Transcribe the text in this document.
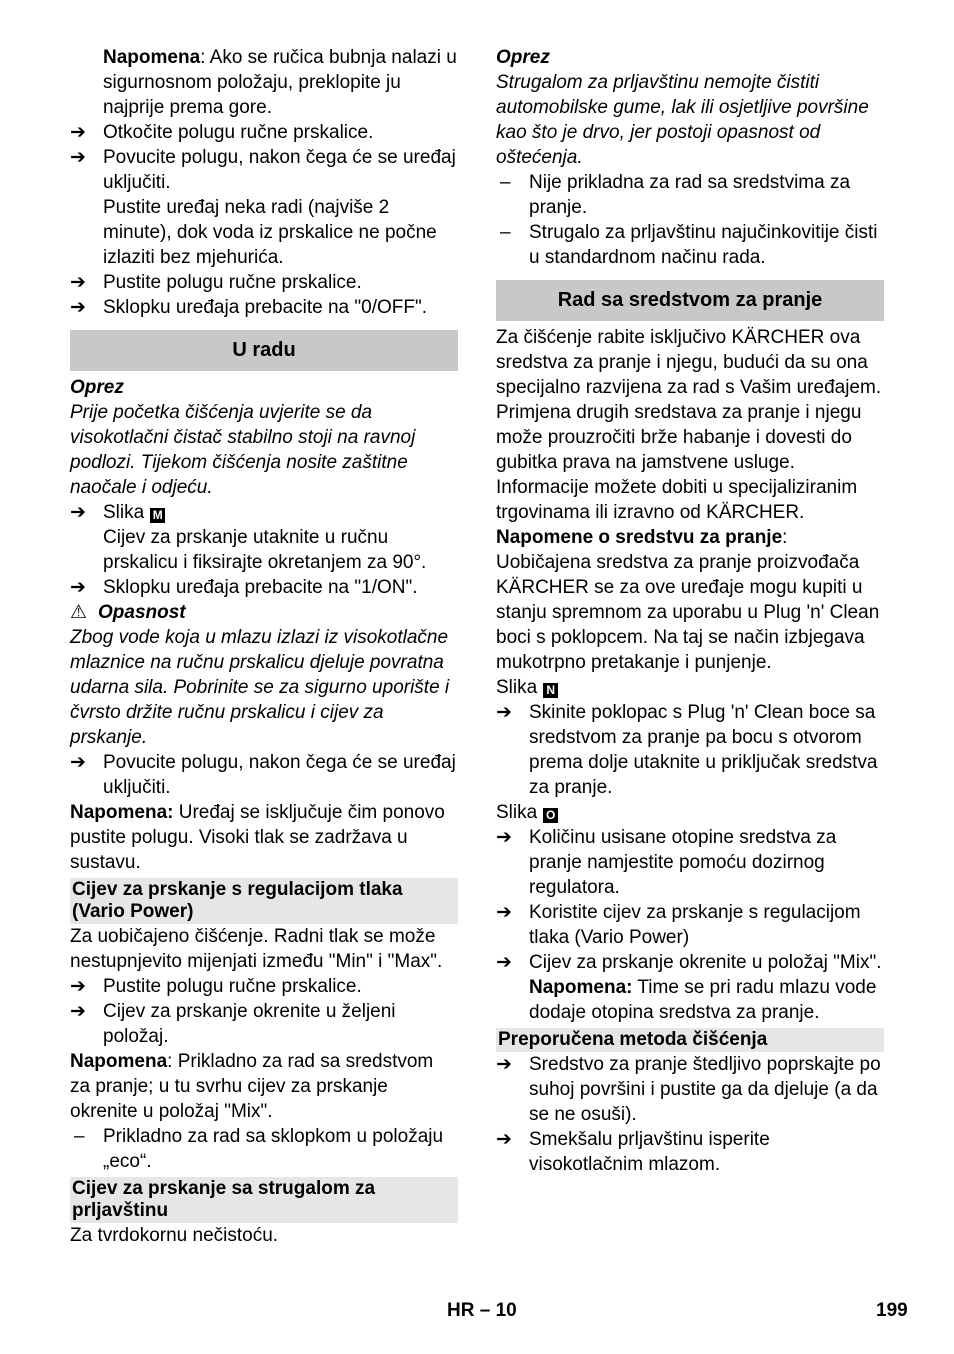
Napomena: Ako se ručica bubnja nalazi u sigurnosnom položaju, preklopite ju najprije prema gore.

➔ Otkočite polugu ručne prskalice.
➔ Povucite polugu, nakon čega će se uređaj uključiti.

Pustite uređaj neka radi (najviše 2 minute), dok voda iz prskalice ne počne izlaziti bez mjehurića.

➔ Pustite polugu ručne prskalice.
➔ Sklopku uređaja prebacite na "0/OFF".
U radu

Oprez

Prije početka čišćenja uvjerite se da visokotlačni čistač stabilno stoji na ravnoj podlozi. Tijekom čišćenja nosite zaštitne naočale i odjeću.

➔ Slika M

Cijev za prskanje utaknite u ručnu prskalicu i fiksirajte okretanjem za 90°.

➔ Sklopku uređaja prebacite na "1/ON".

⚠ Opasnost

Zbog vode koja u mlazu izlazi iz visokotlačne mlaznice na ručnu prskalicu djeluje povratna udarna sila. Pobrinite se za sigurno uporište i čvrsto držite ručnu prskalicu i cijev za prskanje.

➔ Povucite polugu, nakon čega će se uređaj uključiti.

Napomena: Uređaj se isključuje čim ponovo pustite polugu. Visoki tlak se zadržava u sustavu.

Cijev za prskanje s regulacijom tlaka (Vario Power)

Za uobičajeno čišćenje. Radni tlak se može nestupnjevito mijenjati između "Min" i "Max".

➔ Pustite polugu ručne prskalice.
➔ Cijev za prskanje okrenite u željeni položaj.

Napomena: Prikladno za rad sa sredstvom za pranje; u tu svrhu cijev za prskanje okrenite u položaj "Mix".

– Prikladno za rad sa sklopkom u položaju „eco“.
Cijev za prskanje sa strugalom za prljavštinu

Za tvrdokornu nečistoću.

Oprez

Strugalom za prljavštinu nemojte čistiti automobilske gume, lak ili osjetljive površine kao što je drvo, jer postoji opasnost od oštećenja.

– Nije prikladna za rad sa sredstvima za pranje.
– Strugalo za prljavštinu najučinkovitije čisti u standardnom načinu rada.
Rad sa sredstvom za pranje

Za čišćenje rabite isključivo KÄRCHER ova sredstva za pranje i njegu, budući da su ona specijalno razvijena za rad s Vašim uređajem. Primjena drugih sredstava za pranje i njegu može prouzročiti brže habanje i dovesti do gubitka prava na jamstvene usluge. Informacije možete dobiti u specijaliziranim trgovinama ili izravno od KÄRCHER.

Napomene o sredstvu za pranje: Uobičajena sredstva za pranje proizvođača KÄRCHER se za ove uređaje mogu kupiti u stanju spremnom za uporabu u Plug 'n' Clean boci s poklopcem. Na taj se način izbjegava mukotrpno pretakanje i punjenje.

Slika N

➔ Skinite poklopac s Plug 'n' Clean boce sa sredstvom za pranje pa bocu s otvorom prema dolje utaknite u priključak sredstva za pranje.

Slika O

➔ Količinu usisane otopine sredstva za pranje namjestite pomoću dozirnog regulatora.
➔ Koristite cijev za prskanje s regulacijom tlaka (Vario Power)
➔ Cijev za prskanje okrenite u položaj "Mix".

Napomena: Time se pri radu mlazu vode dodaje otopina sredstva za pranje.

Preporučena metoda čišćenja
➔ Sredstvo za pranje štedljivo poprskajte po suhoj površini i pustite ga da djeluje (a da se ne osuši).
➔ Smekšalu prljavštinu isperite visokotlačnim mlazom.
HR – 10	199
